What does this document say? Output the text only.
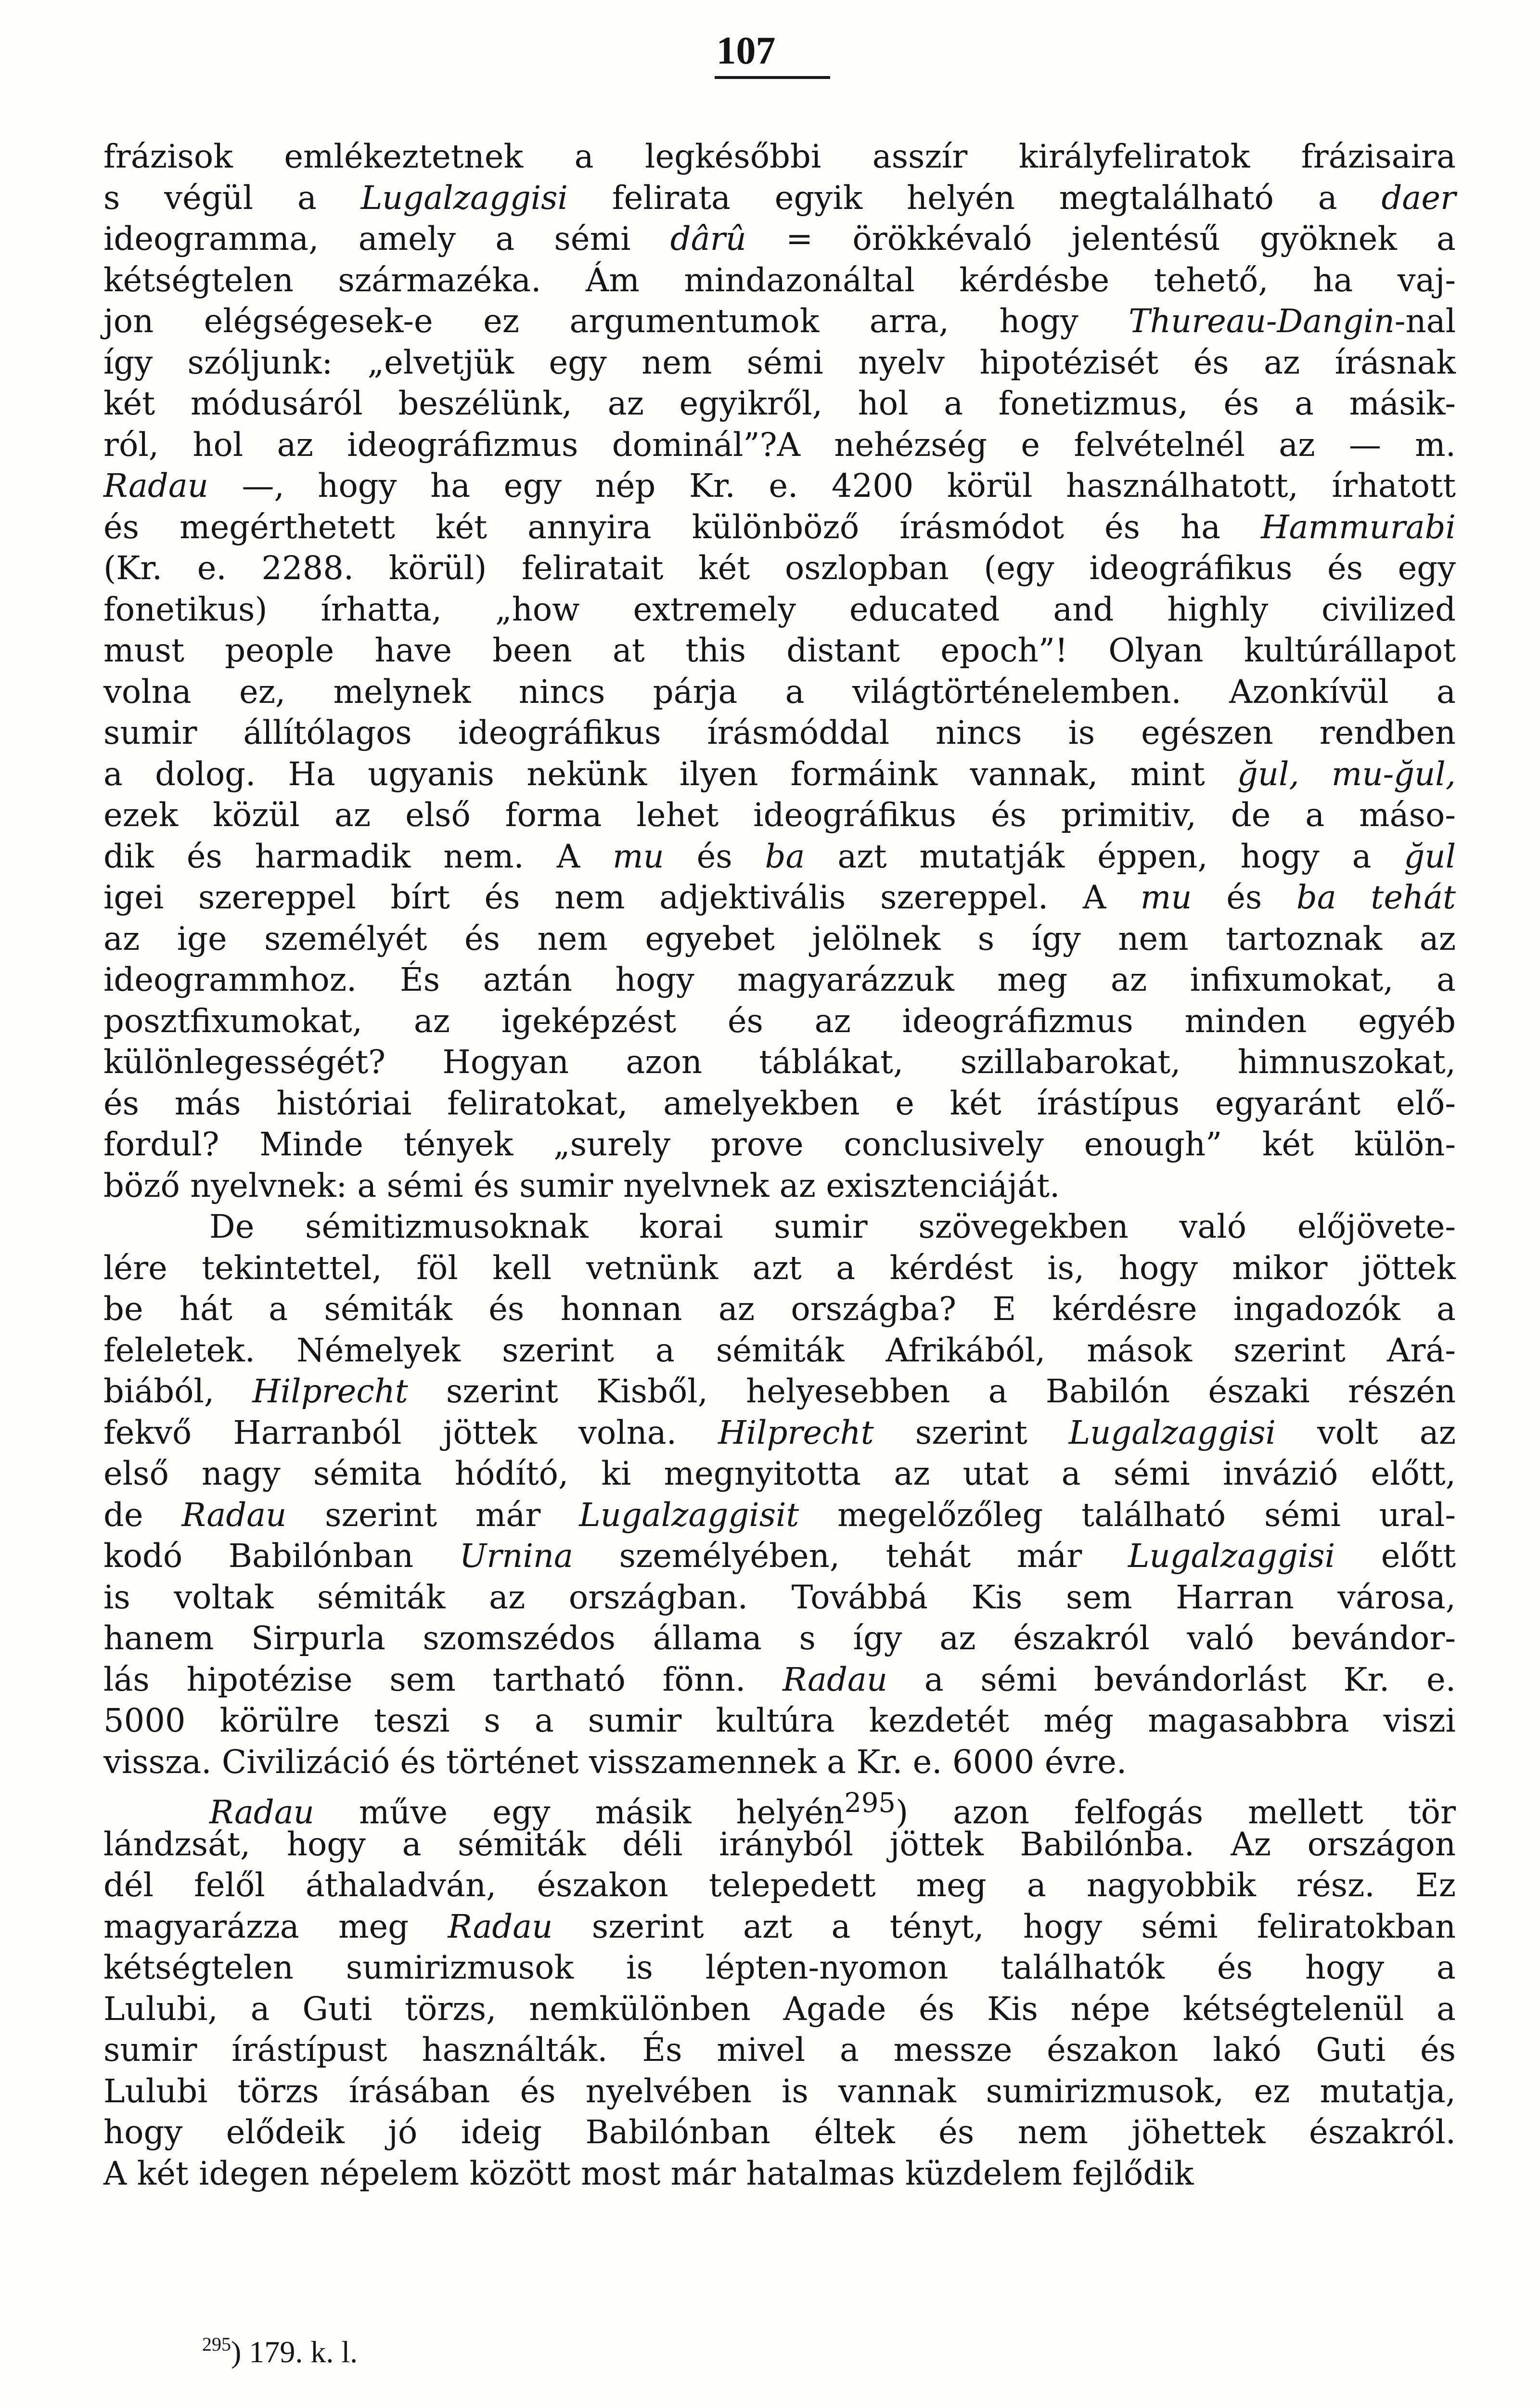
107
frázisok emlékeztetnek a legkésőbbi asszír királyfeliratok frázisaira
s végül a Lugalzaggisi felirata egyik helyén megtalálható a daer
ideogramma, amely a sémi dârû = örökkévaló jelentésű gyöknek a
kétségtelen származéka. Ám mindazonáltal kérdésbe tehető, ha vaj-
jon elégségesek-e ez argumentumok arra, hogy Thureau-Dangin-nal
így szóljunk: „elvetjük egy nem sémi nyelv hipotézisét és az írásnak
két módusáról beszélünk, az egyikről, hol a fonetizmus, és a másik-
ról, hol az ideográfizmus dominál”?A nehézség e felvételnél az — m.
Radau —, hogy ha egy nép Kr. e. 4200 körül használhatott, írhatott
és megérthetett két annyira különböző írásmódot és ha Hammurabi
(Kr. e. 2288. körül) feliratait két oszlopban (egy ideográfikus és egy
fonetikus) írhatta, „how extremely educated and highly civilized
must people have been at this distant epoch”! Olyan kultúrállapot
volna ez, melynek nincs párja a világtörténelemben. Azonkívül a
sumir állítólagos ideográfikus írásmóddal nincs is egészen rendben
a dolog. Ha ugyanis nekünk ilyen formáink vannak, mint ğul, mu-ğul,
ezek közül az első forma lehet ideográfikus és primitiv, de a máso-
dik és harmadik nem. A mu és ba azt mutatják éppen, hogy a ğul
igei szereppel bírt és nem adjektivális szereppel. A mu és ba tehát
az ige személyét és nem egyebet jelölnek s így nem tartoznak az
ideogrammhoz. És aztán hogy magyarázzuk meg az infixumokat, a
posztfixumokat, az igeképzést és az ideográfizmus minden egyéb
különlegességét? Hogyan azon táblákat, szillabarokat, himnuszokat,
és más históriai feliratokat, amelyekben e két írástípus egyaránt elő-
fordul? Minde tények „surely prove conclusively enough” két külön-
böző nyelvnek: a sémi és sumir nyelvnek az exisztenciáját.
De sémitizmusoknak korai sumir szövegekben való előjövete-
lére tekintettel, föl kell vetnünk azt a kérdést is, hogy mikor jöttek
be hát a sémiták és honnan az országba? E kérdésre ingadozók a
feleletek. Némelyek szerint a sémiták Afrikából, mások szerint Ará-
biából, Hilprecht szerint Kisből, helyesebben a Babilón északi részén
fekvő Harranból jöttek volna. Hilprecht szerint Lugalzaggisi volt az
első nagy sémita hódító, ki megnyitotta az utat a sémi invázió előtt,
de Radau szerint már Lugalzaggisit megelőzőleg található sémi ural-
kodó Babilónban Urnina személyében, tehát már Lugalzaggisi előtt
is voltak sémiták az országban. Továbbá Kis sem Harran városa,
hanem Sirpurla szomszédos állama s így az északról való bevándor-
lás hipotézise sem tartható fönn. Radau a sémi bevándorlást Kr. e.
5000 körülre teszi s a sumir kultúra kezdetét még magasabbra viszi
vissza. Civilizáció és történet visszamennek a Kr. e. 6000 évre.
Radau műve egy másik helyén$^{295}$) azon felfogás mellett tör
lándzsát, hogy a sémiták déli irányból jöttek Babilónba. Az országon
dél felől áthaladván, északon telepedett meg a nagyobbik rész. Ez
magyarázza meg Radau szerint azt a tényt, hogy sémi feliratokban
kétségtelen sumirizmusok is lépten-nyomon találhatók és hogy a
Lulubi, a Guti törzs, nemkülönben Agade és Kis népe kétségtelenül a
sumir írástípust használták. És mivel a messze északon lakó Guti és
Lulubi törzs írásában és nyelvében is vannak sumirizmusok, ez mutatja,
hogy elődeik jó ideig Babilónban éltek és nem jöhettek északról.
A két idegen népelem között most már hatalmas küzdelem fejlődik
$^{295}$) 179. k. l.
